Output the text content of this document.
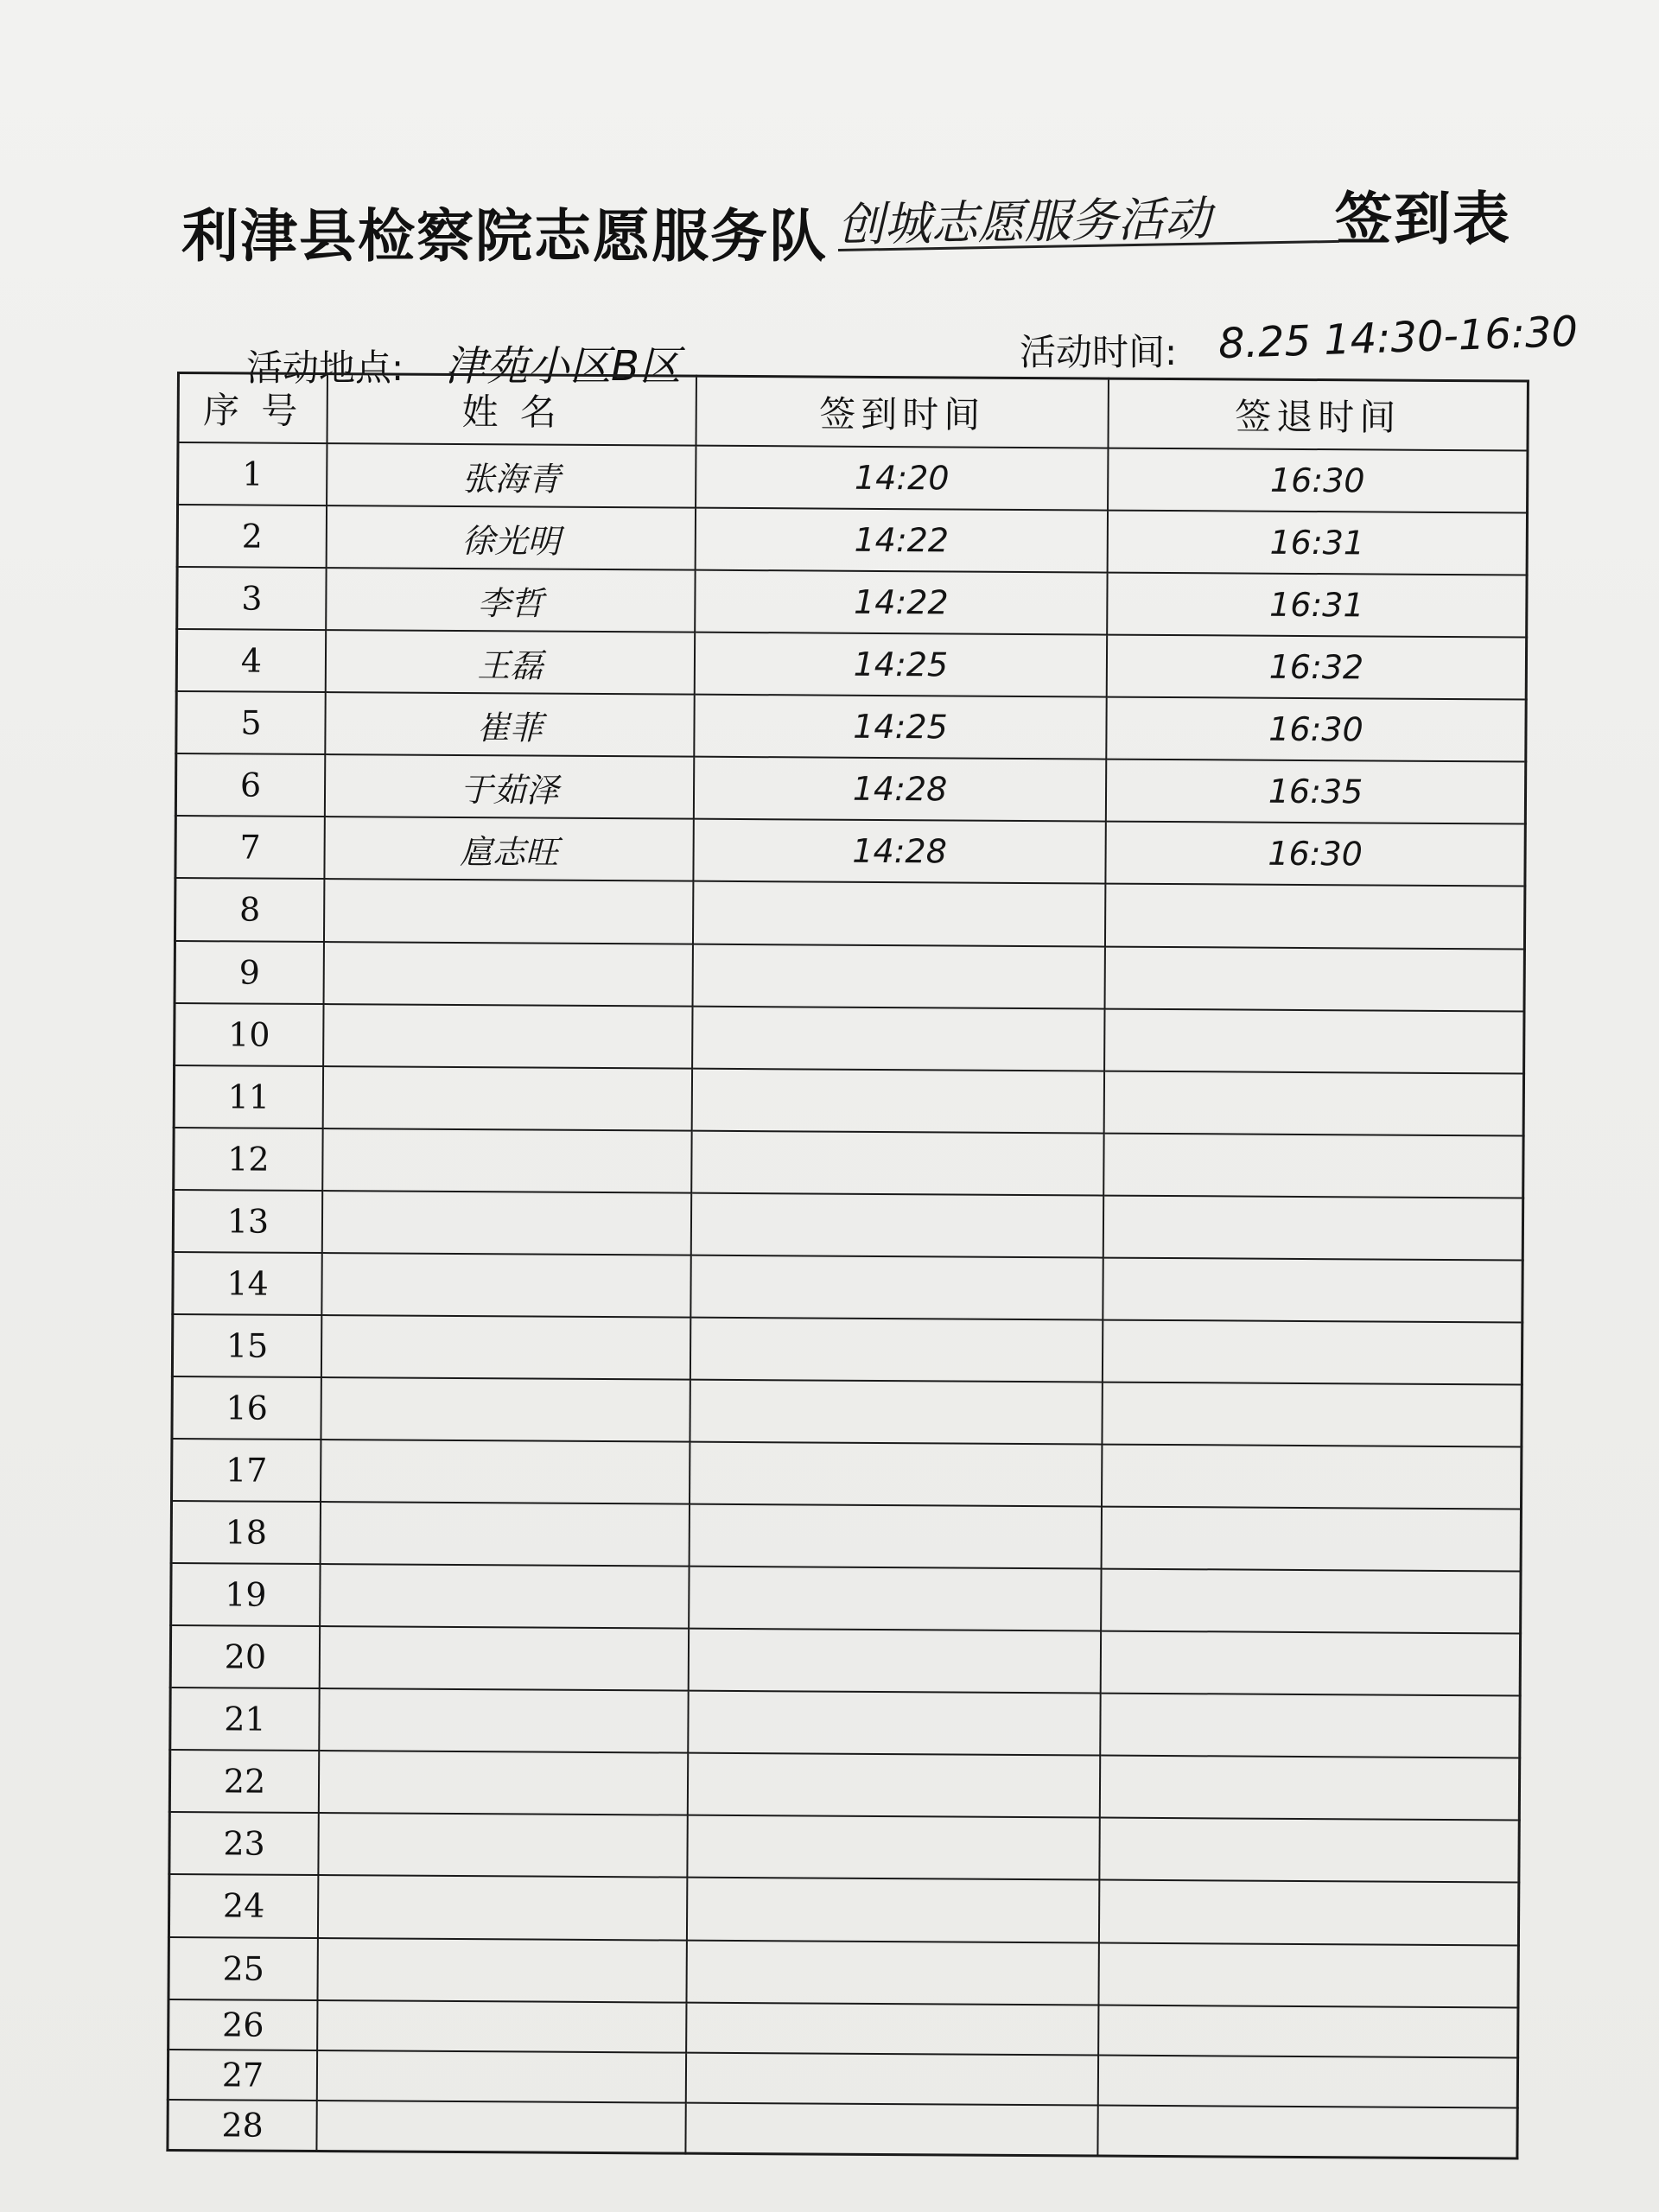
利津县检察院志愿服务队 创城志愿服务活动	签到表
活动地点: 津苑小区B区	活动时间: 8.25 14:30-16:30
序 号	姓 名	签到时间	签退时间
1	张海青	14:20	16:30
2	徐光明	14:22	16:31
3	李哲	14:22	16:31
4	王磊	14:25	16:32
5	崔菲	14:25	16:30
6	于茹泽	14:28	16:35
7	扈志旺	14:28	16:30
8			
9			
10			
11			
12			
13			
14			
15			
16			
17			
18			
19			
20			
21			
22			
23			
24			
25			
26			
27			
28			
